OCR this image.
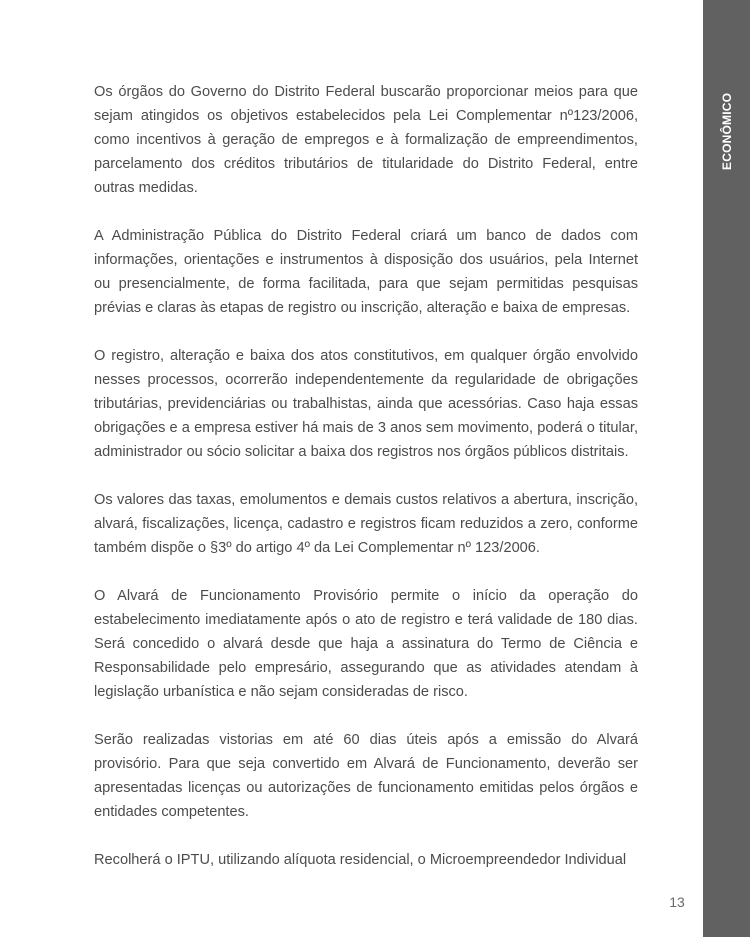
ECONÔMICO

Os órgãos do Governo do Distrito Federal buscarão proporcionar meios para que sejam atingidos os objetivos estabelecidos pela Lei Complementar nº123/2006, como incentivos à geração de empregos e à formalização de empreendimentos, parcelamento dos créditos tributários de titularidade do Distrito Federal, entre outras medidas.

A Administração Pública do Distrito Federal criará um banco de dados com informações, orientações e instrumentos à disposição dos usuários, pela Internet ou presencialmente, de forma facilitada, para que sejam permitidas pesquisas prévias e claras às etapas de registro ou inscrição, alteração e baixa de empresas.

O registro, alteração e baixa dos atos constitutivos, em qualquer órgão envolvido nesses processos, ocorrerão independentemente da regularidade de obrigações tributárias, previdenciárias ou trabalhistas, ainda que acessórias. Caso haja essas obrigações e a empresa estiver há mais de 3 anos sem movimento, poderá o titular, administrador ou sócio solicitar a baixa dos registros nos órgãos públicos distritais.

Os valores das taxas, emolumentos e demais custos relativos a abertura, inscrição, alvará, fiscalizações, licença, cadastro e registros ficam reduzidos a zero, conforme também dispõe o §3º do artigo 4º da Lei Complementar nº 123/2006.

O Alvará de Funcionamento Provisório permite o início da operação do estabelecimento imediatamente após o ato de registro e terá validade de 180 dias. Será concedido o alvará desde que haja a assinatura do Termo de Ciência e Responsabilidade pelo empresário, assegurando que as atividades atendam à legislação urbanística e não sejam consideradas de risco.

Serão realizadas vistorias em até 60 dias úteis após a emissão do Alvará provisório. Para que seja convertido em Alvará de Funcionamento, deverão ser apresentadas licenças ou autorizações de funcionamento emitidas pelos órgãos e entidades competentes.

Recolherá o IPTU, utilizando alíquota residencial, o Microempreendedor Individual

13
